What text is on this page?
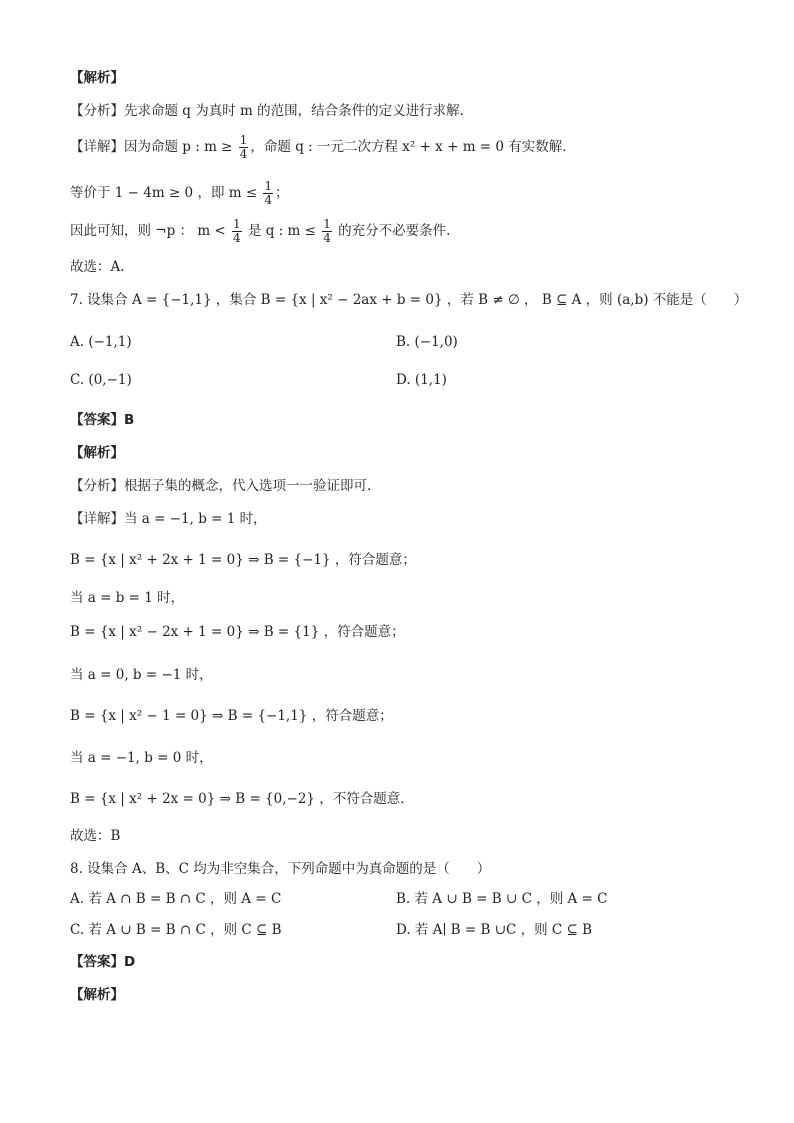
【解析】
【分析】先求命题 q 为真时 m 的范围，结合条件的定义进行求解.
【详解】因为命题 p : $m \ge \frac{1}{4}$ ，命题 q : 一元二次方程 x² + x + m = 0 有实数解．
等价于 1 − 4m ≥ 0 ，即 $m \le \frac{1}{4}$ ；
因此可知，则 ¬p ： $m < \frac{1}{4}$ 是 q : $m \le \frac{1}{4}$ 的充分不必要条件.
故选：A.
7. 设集合 A = {−1,1} ，集合 B = {x | x² − 2ax + b = 0} ，若 B ≠ ∅ ， B ⊆ A ，则 (a,b) 不能是（　　）
A. (−1,1)	B. (−1,0)
C. (0,−1)	D. (1,1)
【答案】B
【解析】
【分析】根据子集的概念，代入选项一一验证即可.
【详解】当 a = −1, b = 1 时，
B = {x | x² + 2x + 1 = 0} ⇒ B = {−1} ，符合题意；
当 a = b = 1 时，
B = {x | x² − 2x + 1 = 0} ⇒ B = {1} ，符合题意；
当 a = 0, b = −1 时，
B = {x | x² − 1 = 0} ⇒ B = {−1,1} ，符合题意；
当 a = −1, b = 0 时，
B = {x | x² + 2x = 0} ⇒ B = {0,−2} ，不符合题意．
故选：B
8. 设集合 A、B、C 均为非空集合，下列命题中为真命题的是（　　）
A. 若 A ∩ B = B ∩ C ，则 A = C	B. 若 A ∪ B = B ∪ C ，则 A = C
C. 若 A ∪ B = B ∩ C ，则 C ⊆ B	D. 若 A∣ B = B ∪C ，则 C ⊆ B
【答案】D
【解析】
